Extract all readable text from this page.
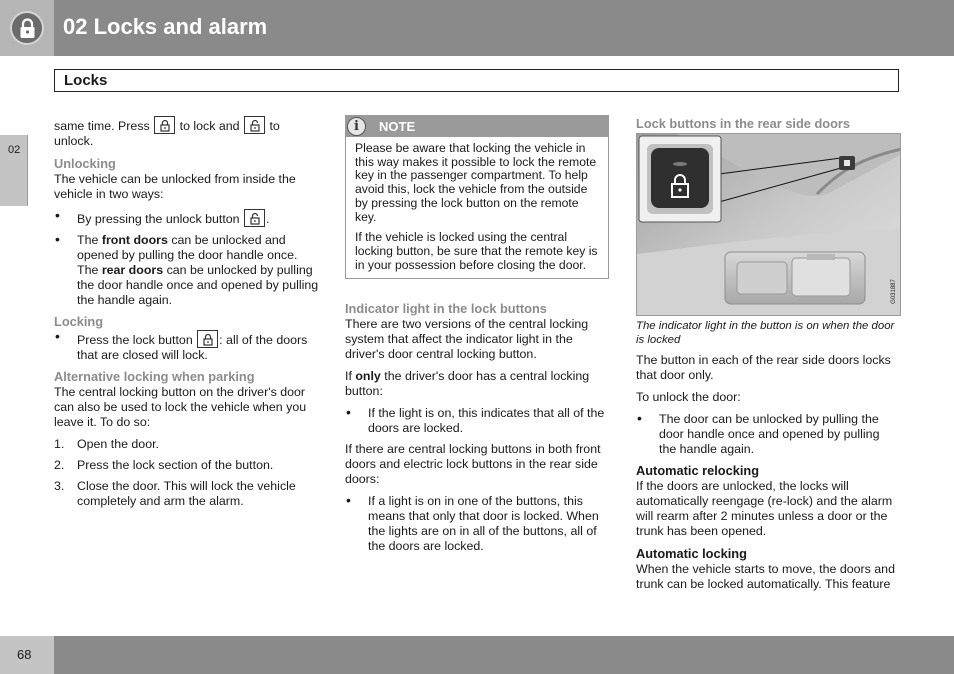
02 Locks and alarm
Locks
02

same time. Press to lock and to unlock.

Unlocking

The vehicle can be unlocked from inside the vehicle in two ways:

• By pressing the unlock button .
• The front doors can be unlocked and opened by pulling the door handle once. The rear doors can be unlocked by pulling the door handle once and opened by pulling the handle again.
Locking
• Press the lock button : all of the doors that are closed will lock.
Alternative locking when parking

The central locking button on the driver's door can also be used to lock the vehicle when you leave it. To do so:

1. Open the door.
2. Press the lock section of the button.
3. Close the door. This will lock the vehicle completely and arm the alarm.
i	NOTE

Please be aware that locking the vehicle in this way makes it possible to lock the remote key in the passenger compartment. To help avoid this, lock the vehicle from the outside by pressing the lock button on the remote key.

If the vehicle is locked using the central locking button, be sure that the remote key is in your possession before closing the door.

Indicator light in the lock buttons

There are two versions of the central locking system that affect the indicator light in the driver's door central locking button.

If only the driver's door has a central locking button:

• If the light is on, this indicates that all of the doors are locked.

If there are central locking buttons in both front doors and electric lock buttons in the rear side doors:

• If a light is on in one of the buttons, this means that only that door is locked. When the lights are on in all of the buttons, all of the doors are locked.
Lock buttons in the rear side doors
G031887

The indicator light in the button is on when the door is locked

The button in each of the rear side doors locks that door only.

To unlock the door:

• The door can be unlocked by pulling the door handle once and opened by pulling the handle again.
Automatic relocking

If the doors are unlocked, the locks will automatically reengage (re-lock) and the alarm will rearm after 2 minutes unless a door or the trunk has been opened.

Automatic locking

When the vehicle starts to move, the doors and trunk can be locked automatically. This feature

68
